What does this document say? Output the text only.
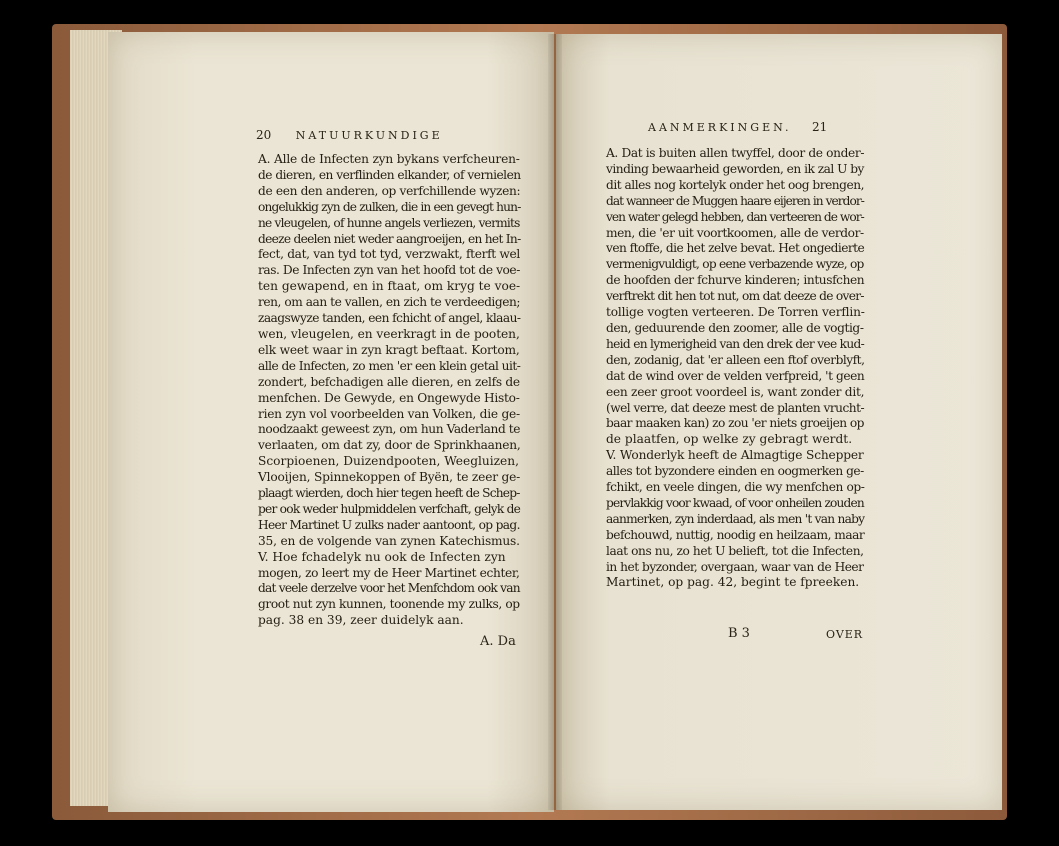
20 NATUURKUNDIGE
A. Alle de Infecten zyn bykans verfcheuren-
de dieren, en verflinden elkander, of vernielen
de een den anderen, op verfchillende wyzen:
ongelukkig zyn de zulken, die in een gevegt hun-
ne vleugelen, of hunne angels verliezen, vermits
deeze deelen niet weder aangroeijen, en het In-
fect, dat, van tyd tot tyd, verzwakt, fterft wel
ras. De Infecten zyn van het hoofd tot de voe-
ten gewapend, en in ftaat, om kryg te voe-
ren, om aan te vallen, en zich te verdeedigen;
zaagswyze tanden, een fchicht of angel, klaau-
wen, vleugelen, en veerkragt in de pooten,
elk weet waar in zyn kragt beftaat. Kortom,
alle de Infecten, zo men 'er een klein getal uit-
zondert, befchadigen alle dieren, en zelfs de
menfchen. De Gewyde, en Ongewyde Histo-
rien zyn vol voorbeelden van Volken, die ge-
noodzaakt geweest zyn, om hun Vaderland te
verlaaten, om dat zy, door de Sprinkhaanen,
Scorpioenen, Duizendpooten, Weegluizen,
Vlooijen, Spinnekoppen of Byën, te zeer ge-
plaagt wierden, doch hier tegen heeft de Schep-
per ook weder hulpmiddelen verfchaft, gelyk de
Heer Martinet U zulks nader aantoont, op pag.
35, en de volgende van zynen Katechismus.
V. Hoe fchadelyk nu ook de Infecten zyn
mogen, zo leert my de Heer Martinet echter,
dat veele derzelve voor het Menfchdom ook van
groot nut zyn kunnen, toonende my zulks, op
pag. 38 en 39, zeer duidelyk aan.
A. Da
AANMERKINGEN. 21
A. Dat is buiten allen twyffel, door de onder-
vinding bewaarheid geworden, en ik zal U by
dit alles nog kortelyk onder het oog brengen,
dat wanneer de Muggen haare eijeren in verdor-
ven water gelegd hebben, dan verteeren de wor-
men, die 'er uit voortkoomen, alle de verdor-
ven ftoffe, die het zelve bevat. Het ongedierte
vermenigvuldigt, op eene verbazende wyze, op
de hoofden der fchurve kinderen; intusfchen
verftrekt dit hen tot nut, om dat deeze de over-
tollige vogten verteeren. De Torren verflin-
den, geduurende den zoomer, alle de vogtig-
heid en lymerigheid van den drek der vee kud-
den, zodanig, dat 'er alleen een ftof overblyft,
dat de wind over de velden verfpreid, 't geen
een zeer groot voordeel is, want zonder dit,
(wel verre, dat deeze mest de planten vrucht-
baar maaken kan) zo zou 'er niets groeijen op
de plaatfen, op welke zy gebragt werdt.
V. Wonderlyk heeft de Almagtige Schepper
alles tot byzondere einden en oogmerken ge-
fchikt, en veele dingen, die wy menfchen op-
pervlakkig voor kwaad, of voor onheilen zouden
aanmerken, zyn inderdaad, als men 't van naby
befchouwd, nuttig, noodig en heilzaam, maar
laat ons nu, zo het U belieft, tot die Infecten,
in het byzonder, overgaan, waar van de Heer
Martinet, op pag. 42, begint te fpreeken.
B 3	OVER
